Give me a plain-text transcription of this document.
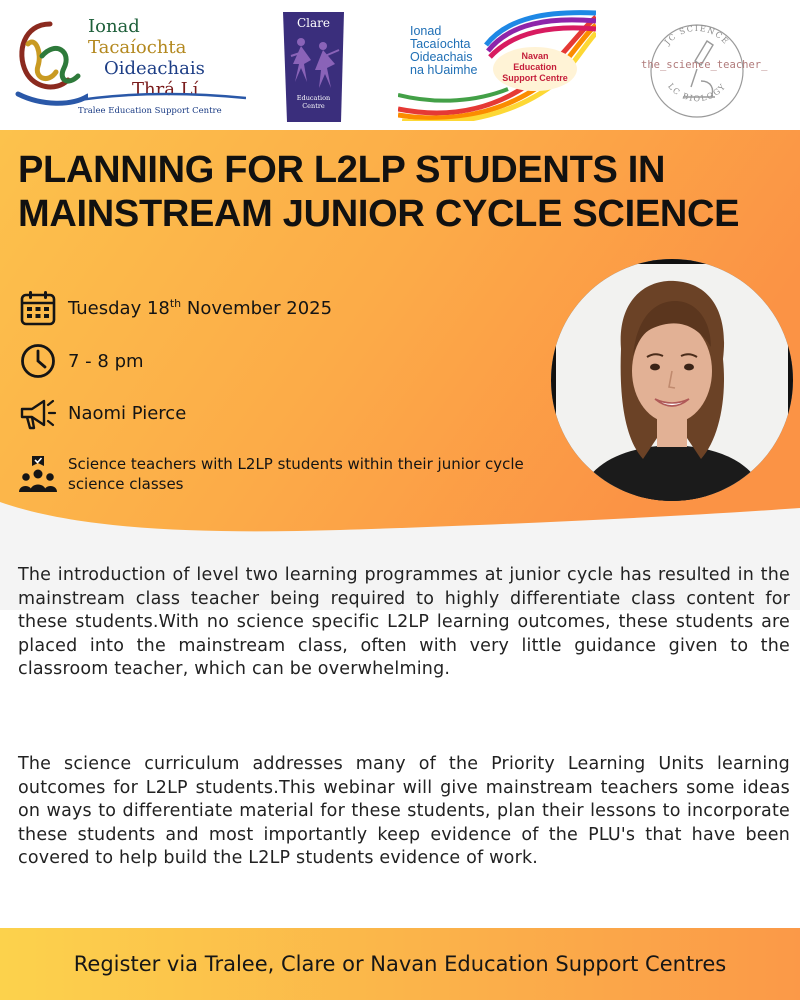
Ionad
Tacaíochta
Oideachais
Thrá Lí
Tralee Education Support Centre
Clare
Education
Centre
Ionad
Tacaíochta
Oideachais
na hUaimhe
Navan
Education
Support Centre
JC SCIENCE
LC BIOLOGY
the_science_teacher_
PLANNING FOR L2LP STUDENTS IN
MAINSTREAM JUNIOR CYCLE SCIENCE
Tuesday 18th November 2025
7 - 8 pm
Naomi Pierce
Science teachers with L2LP students within their junior cycle science classes
The introduction of level two learning programmes at junior cycle has resulted in the mainstream class teacher being required to highly differentiate class content for these students.With no science specific L2LP learning outcomes, these students are placed into the mainstream class, often with very little guidance given to the classroom teacher, which can be overwhelming.
The science curriculum addresses many of the Priority Learning Units learning outcomes for L2LP students.This webinar will give mainstream teachers some ideas on ways to differentiate material for these students, plan their lessons to incorporate these students and most importantly keep evidence of the PLU's that have been covered to help build the L2LP students evidence of work.
Register via Tralee, Clare or Navan Education Support Centres
